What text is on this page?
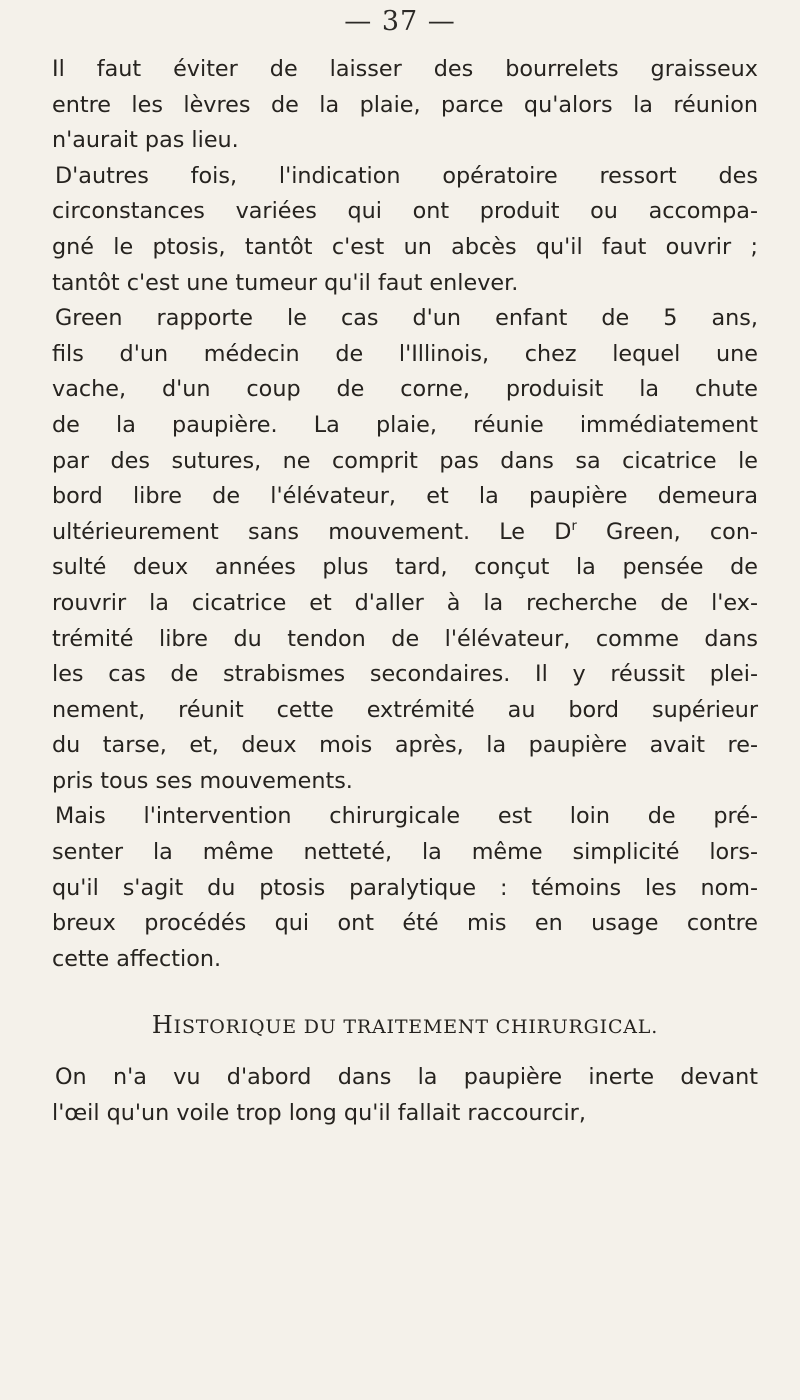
— 37 —
Il faut éviter de laisser des bourrelets graisseux
entre les lèvres de la plaie, parce qu'alors la réunion
n'aurait pas lieu.
D'autres fois, l'indication opératoire ressort des
circonstances variées qui ont produit ou accompa-
gné le ptosis, tantôt c'est un abcès qu'il faut ouvrir ;
tantôt c'est une tumeur qu'il faut enlever.
Green rapporte le cas d'un enfant de 5 ans,
fils d'un médecin de l'Illinois, chez lequel une
vache, d'un coup de corne, produisit la chute
de la paupière. La plaie, réunie immédiatement
par des sutures, ne comprit pas dans sa cicatrice le
bord libre de l'élévateur, et la paupière demeura
ultérieurement sans mouvement. Le $D^r$ Green, con-
sulté deux années plus tard, conçut la pensée de
rouvrir la cicatrice et d'aller à la recherche de l'ex-
trémité libre du tendon de l'élévateur, comme dans
les cas de strabismes secondaires. Il y réussit plei-
nement, réunit cette extrémité au bord supérieur
du tarse, et, deux mois après, la paupière avait re-
pris tous ses mouvements.
Mais l'intervention chirurgicale est loin de pré-
senter la même netteté, la même simplicité lors-
qu'il s'agit du ptosis paralytique : témoins les nom-
breux procédés qui ont été mis en usage contre
cette affection.
HISTORIQUE DU TRAITEMENT CHIRURGICAL.
On n'a vu d'abord dans la paupière inerte devant
l'œil qu'un voile trop long qu'il fallait raccourcir,
